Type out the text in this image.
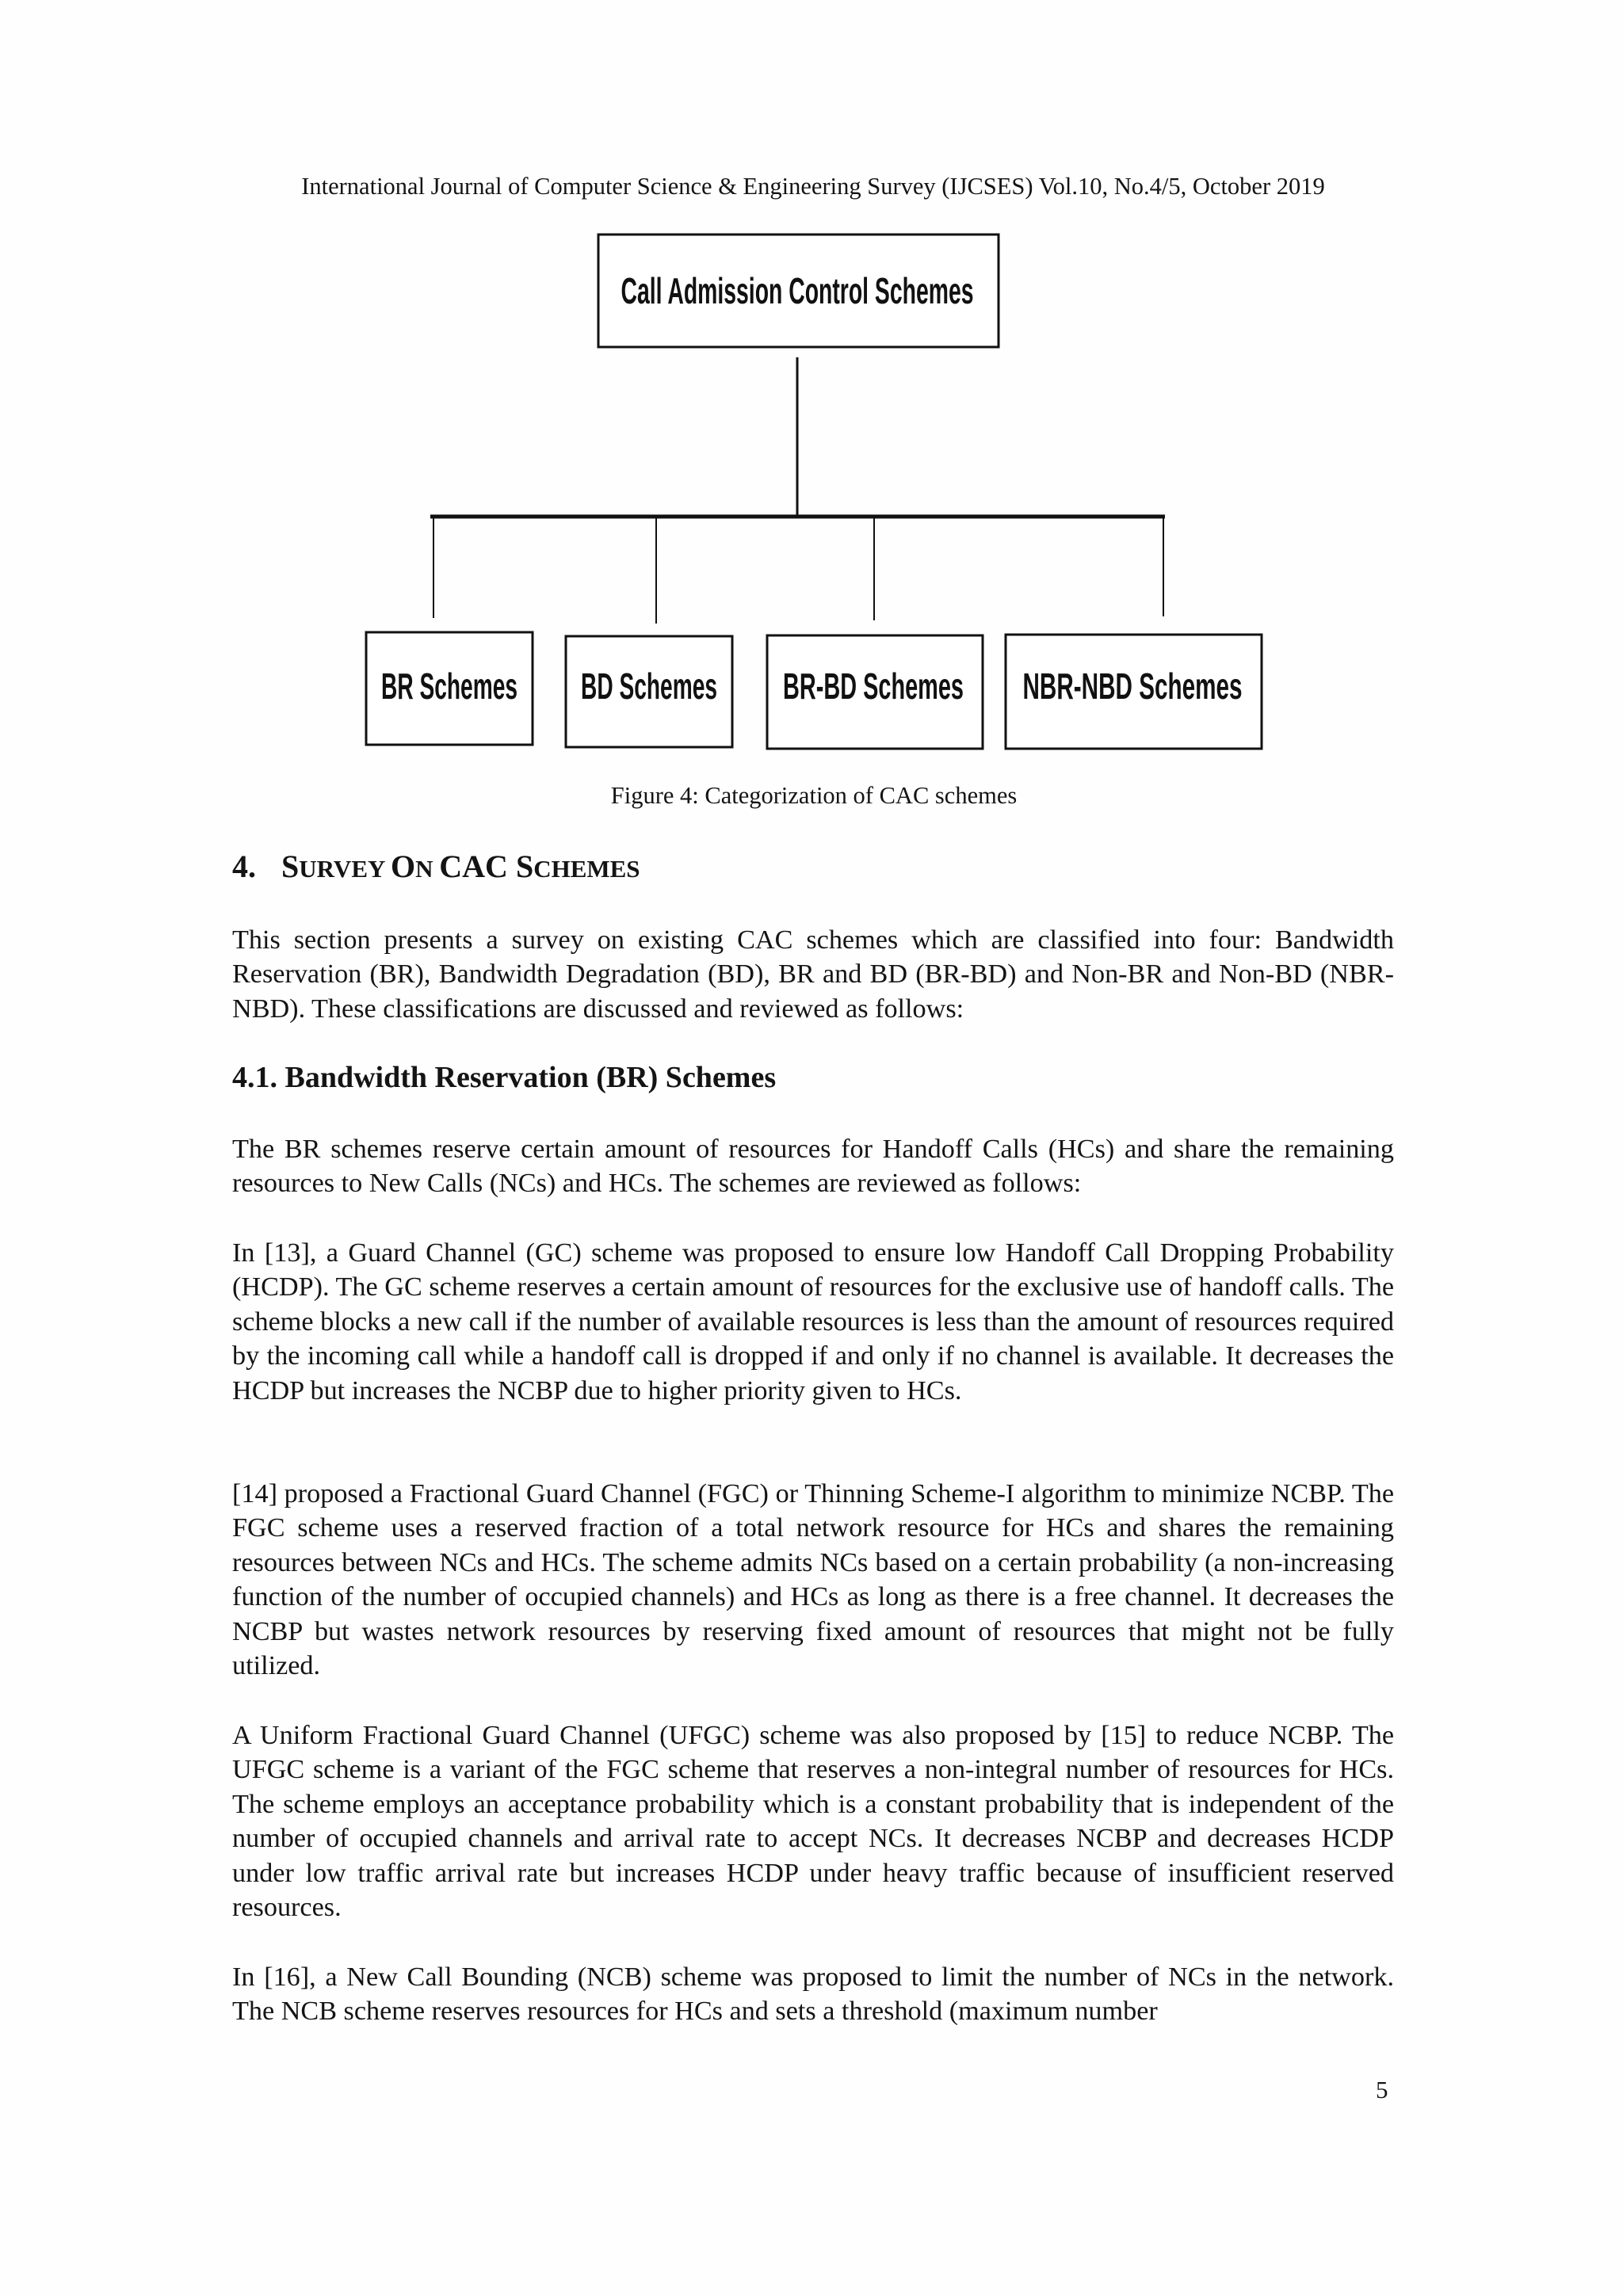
International Journal of Computer Science & Engineering Survey (IJCSES) Vol.10, No.4/5, October 2019
Call Admission Control Schemes
BR Schemes BD Schemes BR-BD Schemes NBR-NBD Schemes
Figure 4: Categorization of CAC schemes
4. SURVEY ON CAC SCHEMES

This section presents a survey on existing CAC schemes which are classified into four: Bandwidth Reservation (BR), Bandwidth Degradation (BD), BR and BD (BR-BD) and Non-BR and Non-BD (NBR-NBD). These classifications are discussed and reviewed as follows:

4.1. Bandwidth Reservation (BR) Schemes

The BR schemes reserve certain amount of resources for Handoff Calls (HCs) and share the remaining resources to New Calls (NCs) and HCs. The schemes are reviewed as follows:

In [13], a Guard Channel (GC) scheme was proposed to ensure low Handoff Call Dropping Probability (HCDP). The GC scheme reserves a certain amount of resources for the exclusive use of handoff calls. The scheme blocks a new call if the number of available resources is less than the amount of resources required by the incoming call while a handoff call is dropped if and only if no channel is available. It decreases the HCDP but increases the NCBP due to higher priority given to HCs.

[14] proposed a Fractional Guard Channel (FGC) or Thinning Scheme-I algorithm to minimize NCBP. The FGC scheme uses a reserved fraction of a total network resource for HCs and shares the remaining resources between NCs and HCs. The scheme admits NCs based on a certain probability (a non-increasing function of the number of occupied channels) and HCs as long as there is a free channel. It decreases the NCBP but wastes network resources by reserving fixed amount of resources that might not be fully utilized.

A Uniform Fractional Guard Channel (UFGC) scheme was also proposed by [15] to reduce NCBP. The UFGC scheme is a variant of the FGC scheme that reserves a non-integral number of resources for HCs. The scheme employs an acceptance probability which is a constant probability that is independent of the number of occupied channels and arrival rate to accept NCs. It decreases NCBP and decreases HCDP under low traffic arrival rate but increases HCDP under heavy traffic because of insufficient reserved resources.

In [16], a New Call Bounding (NCB) scheme was proposed to limit the number of NCs in the network. The NCB scheme reserves resources for HCs and sets a threshold (maximum number

5
